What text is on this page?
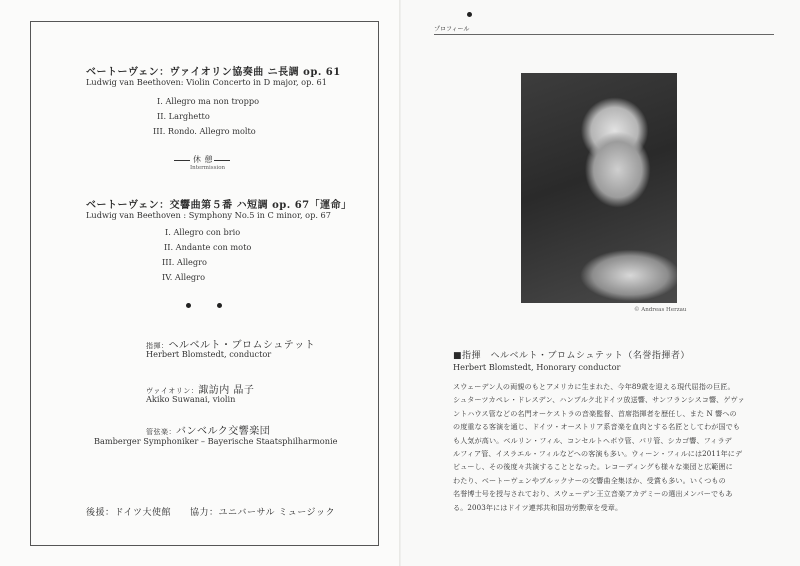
ベートーヴェン：ヴァイオリン協奏曲 ニ長調 op. 61
Ludwig van Beethoven: Violin Concerto in D major, op. 61
I. Allegro ma non troppo
II. Larghetto
III. Rondo. Allegro molto
休 憩
Intermission
ベートーヴェン：交響曲第５番 ハ短調 op. 67「運命」
Ludwig van Beethoven : Symphony No.5 in C minor, op. 67
I. Allegro con brio
II. Andante con moto
III. Allegro
IV. Allegro
指揮：ヘルベルト・ブロムシュテット
Herbert Blomstedt, conductor
ヴァイオリン：諏訪内 晶子
Akiko Suwanai, violin
管弦楽：バンベルク交響楽団
Bamberger Symphoniker – Bayerische Staatsphilharmonie
後援：ドイツ大使館 協力：ユニバーサル ミュージック
プロフィール
© Andreas Herzau
■指揮　ヘルベルト・ブロムシュテット（名誉指揮者）
Herbert Blomstedt, Honorary conductor
スウェーデン人の両親のもとアメリカに生まれた、今年89歳を迎える現代屈指の巨匠。
シュターツカペレ・ドレスデン、ハンブルク北ドイツ放送響、サンフランシスコ響、ゲヴァ
ントハウス管などの名門オーケストラの音楽監督、首席指揮者を歴任し、また N 響への
の度重なる客演を通じ、ドイツ・オーストリア系音楽を血肉とする名匠としてわが国でも
も人気が高い。ベルリン・フィル、コンセルトヘボウ管、パリ管、シカゴ響、フィラデ
ルフィア管、イスラエル・フィルなどへの客演も多い。ウィーン・フィルには2011年にデ
ビューし、その後度々共演することとなった。レコーディングも様々な楽団と広範囲に
わたり、ベートーヴェンやブルックナーの交響曲全集ほか、受賞も多い。いくつもの
名誉博士号を授与されており、スウェーデン王立音楽アカデミーの選出メンバーでもあ
る。2003年にはドイツ連邦共和国功労勲章を受章。
